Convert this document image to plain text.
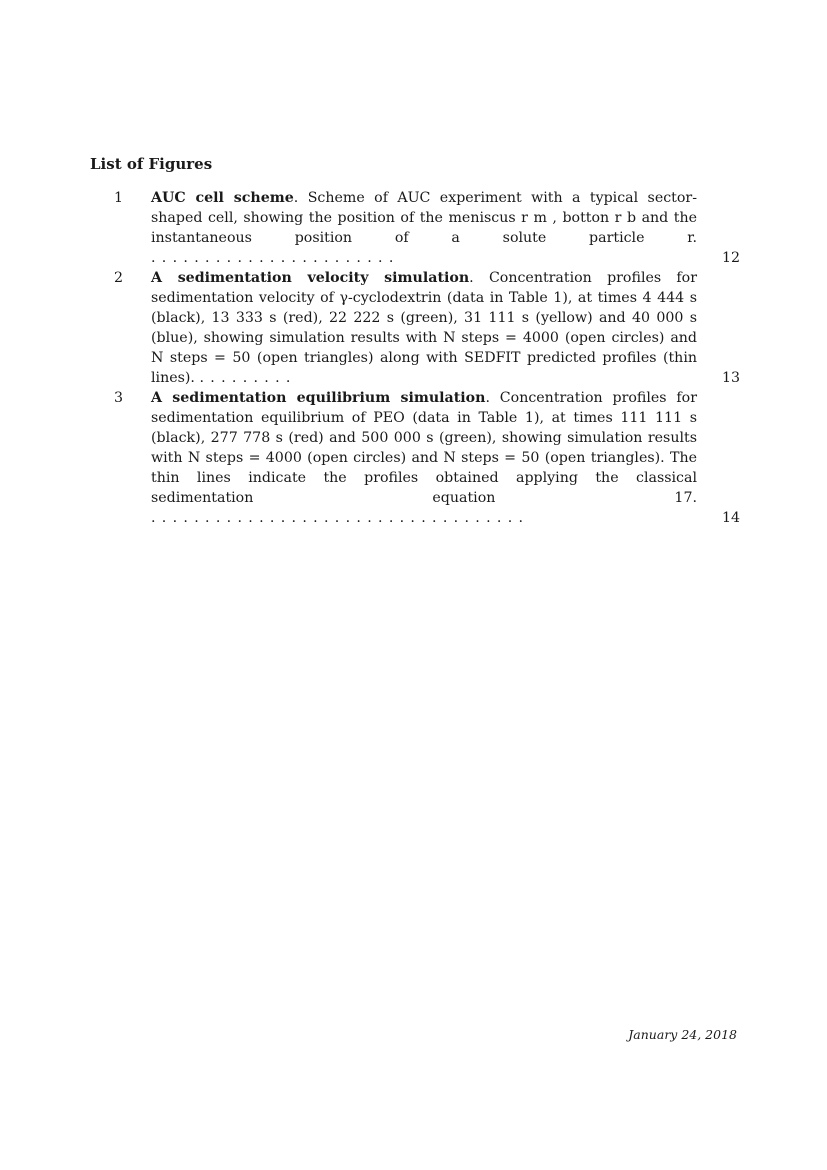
List of Figures
1 AUC cell scheme. Scheme of AUC experiment with a typical sector-shaped cell, showing the position of the meniscus r m , botton r b and the instantaneous position of a solute particle r. .......................	12
2 A sedimentation velocity simulation. Concentration profiles for sedimentation velocity of γ-cyclodextrin (data in Table 1), at times 4 444 s (black), 13 333 s (red), 22 222 s (green), 31 111 s (yellow) and 40 000 s (blue), showing simulation results with N steps = 4000 (open circles) and N steps = 50 (open triangles) along with SEDFIT predicted profiles (thin lines). .........	13
3 A sedimentation equilibrium simulation. Concentration profiles for sedimentation equilibrium of PEO (data in Table 1), at times 111 111 s (black), 277 778 s (red) and 500 000 s (green), showing simulation results with N steps = 4000 (open circles) and N steps = 50 (open triangles). The thin lines indicate the profiles obtained applying the classical sedimentation equation 17. ...................................	14
January 24, 2018
